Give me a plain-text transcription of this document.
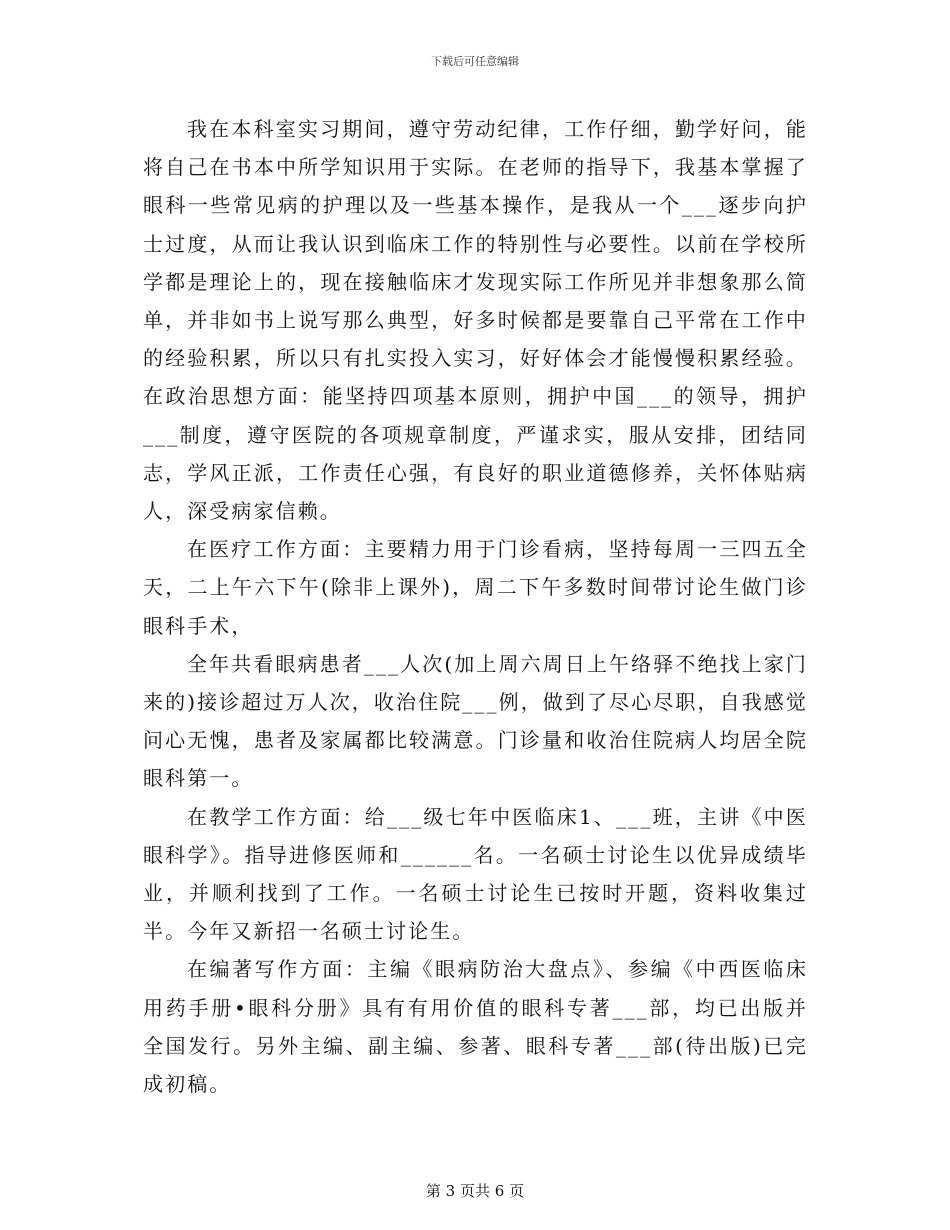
下载后可任意编辑

我在本科室实习期间，遵守劳动纪律，工作仔细，勤学好问，能将自己在书本中所学知识用于实际。在老师的指导下，我基本掌握了眼科一些常见病的护理以及一些基本操作，是我从一个___逐步向护士过度，从而让我认识到临床工作的特别性与必要性。以前在学校所学都是理论上的，现在接触临床才发现实际工作所见并非想象那么简单，并非如书上说写那么典型，好多时候都是要靠自己平常在工作中的经验积累，所以只有扎实投入实习，好好体会才能慢慢积累经验。在政治思想方面：能坚持四项基本原则，拥护中国___的领导，拥护___制度，遵守医院的各项规章制度，严谨求实，服从安排，团结同志，学风正派，工作责任心强，有良好的职业道德修养，关怀体贴病人，深受病家信赖。

在医疗工作方面：主要精力用于门诊看病，坚持每周一三四五全天，二上午六下午(除非上课外)，周二下午多数时间带讨论生做门诊眼科手术，

全年共看眼病患者___人次(加上周六周日上午络驿不绝找上家门来的)接诊超过万人次，收治住院___例，做到了尽心尽职，自我感觉问心无愧，患者及家属都比较满意。门诊量和收治住院病人均居全院眼科第一。

在教学工作方面：给___级七年中医临床1、___班，主讲《中医眼科学》。指导进修医师和______名。一名硕士讨论生以优异成绩毕业，并顺利找到了工作。一名硕士讨论生已按时开题，资料收集过半。今年又新招一名硕士讨论生。

在编著写作方面：主编《眼病防治大盘点》、参编《中西医临床用药手册•眼科分册》具有有用价值的眼科专著___部，均已出版并全国发行。另外主编、副主编、参著、眼科专著___部(待出版)已完成初稿。

第 3 页共 6 页
